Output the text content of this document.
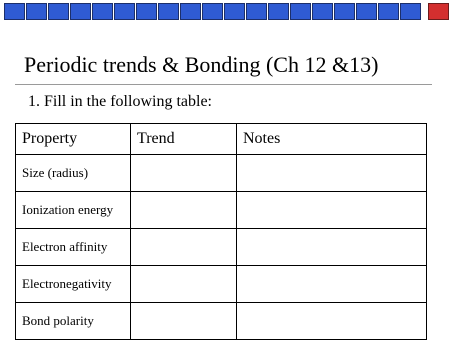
Periodic trends & Bonding (Ch 12 &13)
1. Fill in the following table:
Property	Trend	Notes
Size (radius)		
Ionization energy		
Electron affinity		
Electronegativity		
Bond polarity		
